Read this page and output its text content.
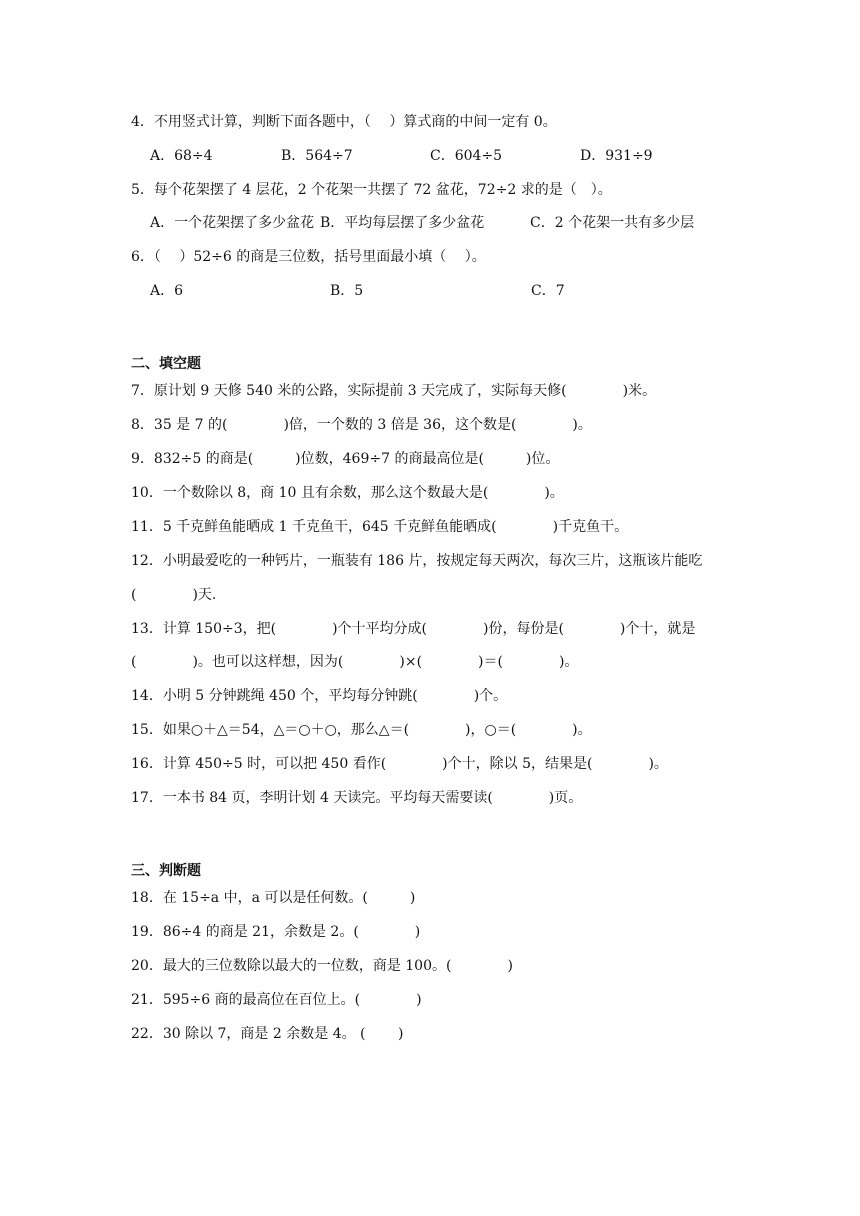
4．不用竖式计算，判断下面各题中，（　 ）算式商的中间一定有 0。
A．68÷4	B．564÷7	C．604÷5	D．931÷9
5．每个花架摆了 4 层花，2 个花架一共摆了 72 盆花，72÷2 求的是（　）。
A．一个花架摆了多少盆花 B．平均每层摆了多少盆花	C．2 个花架一共有多少层
6．（　 ）52÷6 的商是三位数，括号里面最小填（　 ）。
A．6	B．5	C．7
二、填空题
7．原计划 9 天修 540 米的公路，实际提前 3 天完成了，实际每天修(　　　　)米。
8．35 是 7 的(　　　　)倍，一个数的 3 倍是 36，这个数是(　　　　)。
9．832÷5 的商是(　　　)位数，469÷7 的商最高位是(　　　)位。
10．一个数除以 8，商 10 且有余数，那么这个数最大是(　　　　)。
11．5 千克鲜鱼能晒成 1 千克鱼干，645 千克鲜鱼能晒成(　　　　)千克鱼干。
12．小明最爱吃的一种钙片，一瓶装有 186 片，按规定每天两次，每次三片，这瓶该片能吃
(　　　　)天.
13．计算 150÷3，把(　　　　)个十平均分成(　　　　)份，每份是(　　　　)个十，就是
(　　　　)。也可以这样想，因为(　　　　)×(　　　　)＝(　　　　)。
14．小明 5 分钟跳绳 450 个，平均每分钟跳(　　　　)个。
15．如果○＋△＝54，△＝○＋○，那么△＝(　　　　)，○＝(　　　　)。
16．计算 450÷5 时，可以把 450 看作(　　　　)个十，除以 5，结果是(　　　　)。
17．一本书 84 页，李明计划 4 天读完。平均每天需要读(　　　　)页。
三、判断题
18．在 15÷a 中，a 可以是任何数。(　　　)
19．86÷4 的商是 21，余数是 2。(　　　　)
20．最大的三位数除以最大的一位数，商是 100。(　　　　)
21．595÷6 商的最高位在百位上。(　　　　)
22．30 除以 7，商是 2 余数是 4。 (　　 )
